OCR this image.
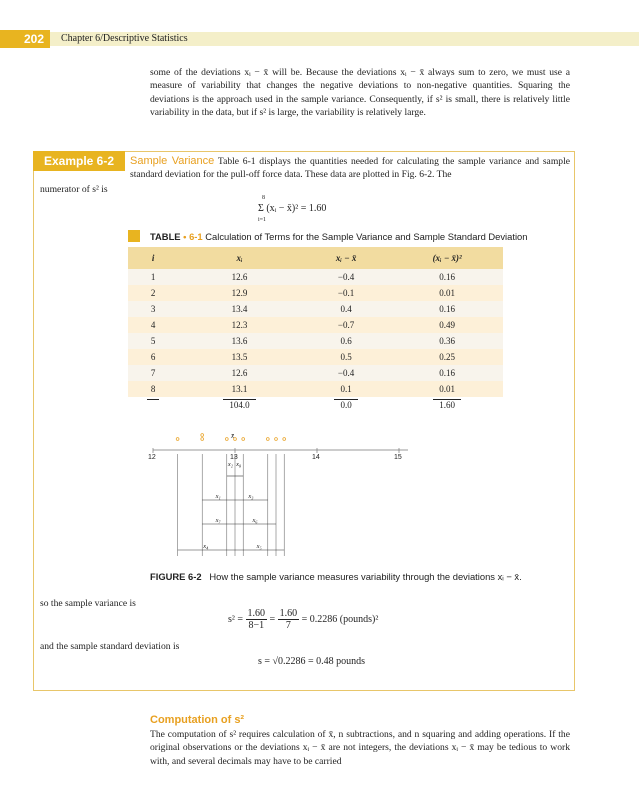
202	Chapter 6/Descriptive Statistics
some of the deviations xᵢ − x̄ will be. Because the deviations xᵢ − x̄ always sum to zero, we must use a measure of variability that changes the negative deviations to non-negative quantities. Squaring the deviations is the approach used in the sample variance. Consequently, if s² is small, there is relatively little variability in the data, but if s² is large, the variability is relatively large.
Example 6-2	Sample Variance Table 6-1 displays the quantities needed for calculating the sample variance and sample standard deviation for the pull-off force data. These data are plotted in Fig. 6-2. The
numerator of s² is
8
Σ (xᵢ − x̄)² = 1.60
i=1
TABLE • 6-1 Calculation of Terms for the Sample Variance and Sample Standard Deviation
i	xᵢ	xᵢ − x̄	(xᵢ − x̄)²
1	12.6	−0.4	0.16
2	12.9	−0.1	0.01
3	13.4	0.4	0.16
4	12.3	−0.7	0.49
5	13.6	0.6	0.36
6	13.5	0.5	0.25
7	12.6	−0.4	0.16
8	13.1	0.1	0.01
	104.0	0.0	1.60
12	13	14	15
x₂ x₈
x₁	x₃
x₇	x₆
x₄	x₅
x̄
FIGURE 6-2 How the sample variance measures variability through the deviations xᵢ − x̄.
so the sample variance is
$s^2 = \frac{1.60}{8-1} = \frac{1.60}{7} = 0.2286$ (pounds)²
and the sample standard deviation is
s = √0.2286 = 0.48 pounds
Computation of s²
The computation of s² requires calculation of x̄, n subtractions, and n squaring and adding operations. If the original observations or the deviations xᵢ − x̄ are not integers, the deviations xᵢ − x̄ may be tedious to work with, and several decimals may have to be carried
